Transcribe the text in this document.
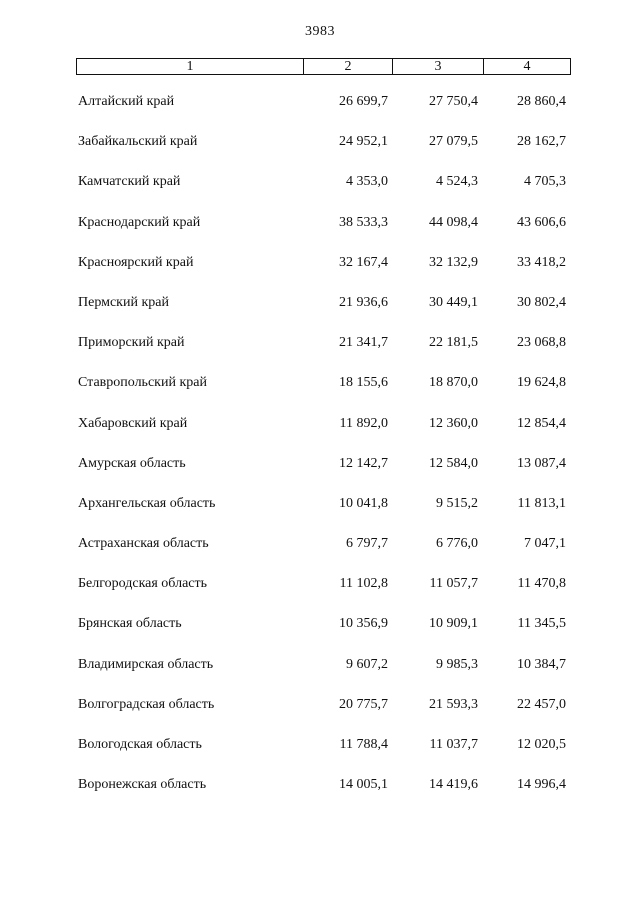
3983
1	2	3	4
Алтайский край	26 699,7	27 750,4	28 860,4
Забайкальский край	24 952,1	27 079,5	28 162,7
Камчатский край	4 353,0	4 524,3	4 705,3
Краснодарский край	38 533,3	44 098,4	43 606,6
Красноярский край	32 167,4	32 132,9	33 418,2
Пермский край	21 936,6	30 449,1	30 802,4
Приморский край	21 341,7	22 181,5	23 068,8
Ставропольский край	18 155,6	18 870,0	19 624,8
Хабаровский край	11 892,0	12 360,0	12 854,4
Амурская область	12 142,7	12 584,0	13 087,4
Архангельская область	10 041,8	9 515,2	11 813,1
Астраханская область	6 797,7	6 776,0	7 047,1
Белгородская область	11 102,8	11 057,7	11 470,8
Брянская область	10 356,9	10 909,1	11 345,5
Владимирская область	9 607,2	9 985,3	10 384,7
Волгоградская область	20 775,7	21 593,3	22 457,0
Вологодская область	11 788,4	11 037,7	12 020,5
Воронежская область	14 005,1	14 419,6	14 996,4
